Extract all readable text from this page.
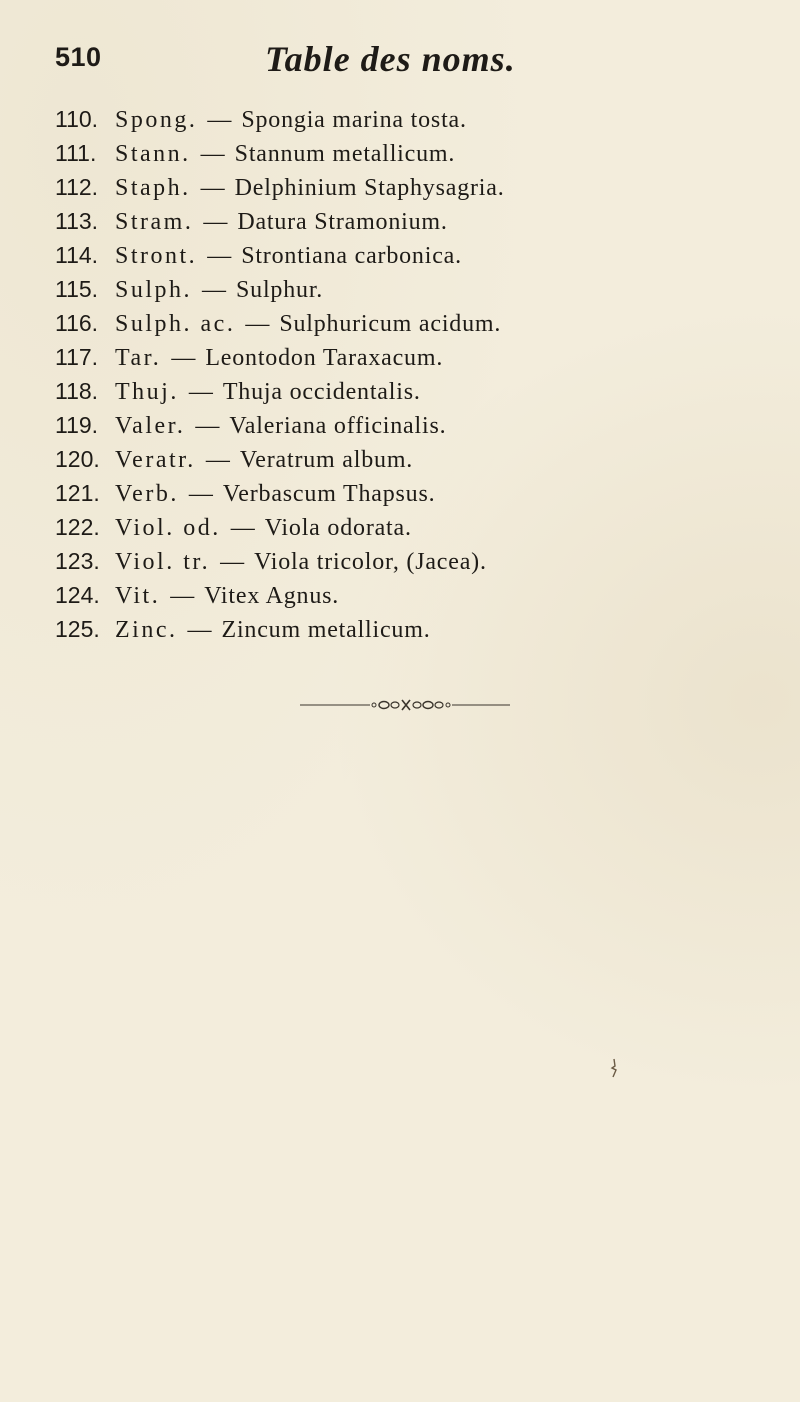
510	Table des noms.
110. Spong. — Spongia marina tosta.
111. Stann. — Stannum metallicum.
112. Staph. — Delphinium Staphysagria.
113. Stram. — Datura Stramonium.
114. Stront. — Strontiana carbonica.
115. Sulph. — Sulphur.
116. Sulph. ac. — Sulphuricum acidum.
117. Tar. — Leontodon Taraxacum.
118. Thuj. — Thuja occidentalis.
119. Valer. — Valeriana officinalis.
120. Veratr. — Veratrum album.
121. Verb. — Verbascum Thapsus.
122. Viol. od. — Viola odorata.
123. Viol. tr. — Viola tricolor, (Jacea).
124. Vit. — Vitex Agnus.
125. Zinc. — Zincum metallicum.
